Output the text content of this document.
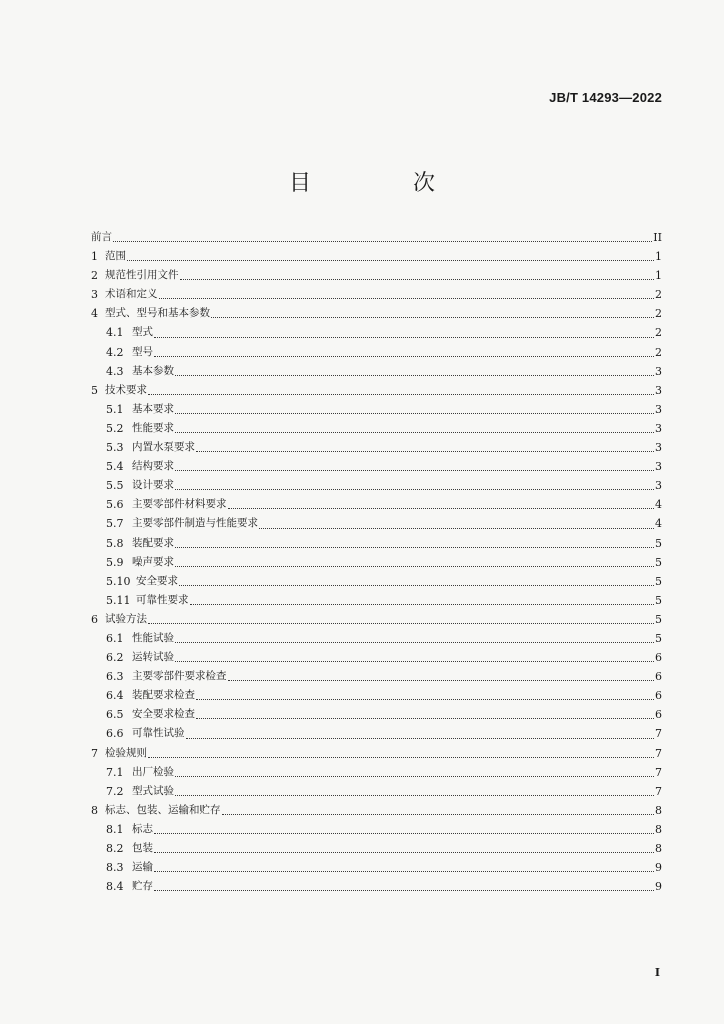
JB/T 14293—2022
目　次
前言	II
1 范围	1
2 规范性引用文件	1
3 术语和定义	2
4 型式、型号和基本参数	2
4.1 型式	2
4.2 型号	2
4.3 基本参数	3
5 技术要求	3
5.1 基本要求	3
5.2 性能要求	3
5.3 内置水泵要求	3
5.4 结构要求	3
5.5 设计要求	3
5.6 主要零部件材料要求	4
5.7 主要零部件制造与性能要求	4
5.8 装配要求	5
5.9 噪声要求	5
5.10 安全要求	5
5.11 可靠性要求	5
6 试验方法	5
6.1 性能试验	5
6.2 运转试验	6
6.3 主要零部件要求检查	6
6.4 装配要求检查	6
6.5 安全要求检查	6
6.6 可靠性试验	7
7 检验规则	7
7.1 出厂检验	7
7.2 型式试验	7
8 标志、包装、运输和贮存	8
8.1 标志	8
8.2 包装	8
8.3 运输	9
8.4 贮存	9
I
